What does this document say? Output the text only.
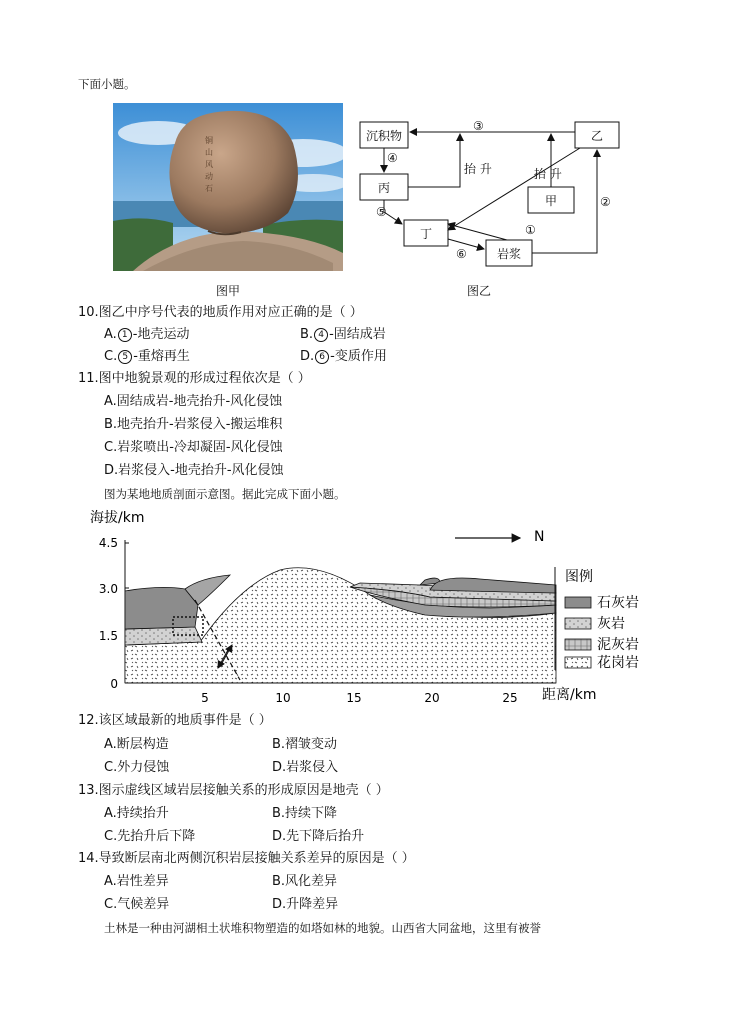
下面小题。
铜
山
风
动
石
图甲
沉积物
丙
丁
岩浆
甲
乙
③
④
⑤
⑥
①
②
抬 升	抬 升
图乙
10.图乙中序号代表的地质作用对应正确的是（ ）
A. 1 -地壳运动	B. 4 -固结成岩
C. 5 -重熔再生	D. 6 -变质作用
11.图中地貌景观的形成过程依次是（ ）
A.固结成岩-地壳抬升-风化侵蚀
B.地壳抬升-岩浆侵入-搬运堆积
C.岩浆喷出-冷却凝固-风化侵蚀
D.岩浆侵入-地壳抬升-风化侵蚀
图为某地地质剖面示意图。据此完成下面小题。
海拔/km
N
4.5
3.0
1.5
0
5	10	15	20	25 距离/km
图例
石灰岩
灰岩
泥灰岩
花岗岩
12.该区域最新的地质事件是（ ）
A.断层构造	B.褶皱变动
C.外力侵蚀	D.岩浆侵入
13.图示虚线区域岩层接触关系的形成原因是地壳（ ）
A.持续抬升	B.持续下降
C.先抬升后下降	D.先下降后抬升
14.导致断层南北两侧沉积岩层接触关系差异的原因是（ ）
A.岩性差异	B.风化差异
C.气候差异	D.升降差异
土林是一种由河湖相土状堆积物塑造的如塔如林的地貌。山西省大同盆地，这里有被誉
